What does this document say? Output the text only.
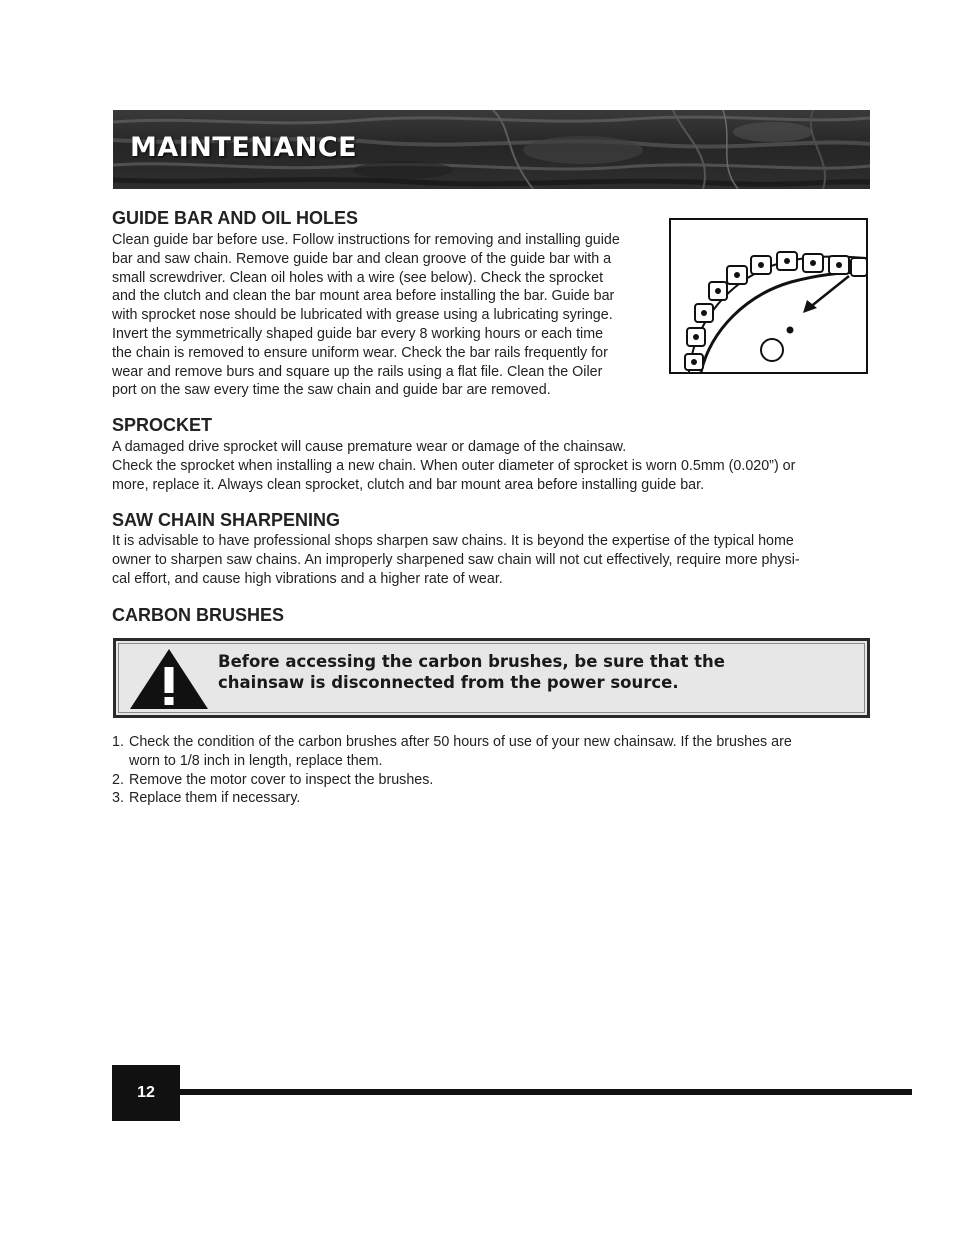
MAINTENANCE
GUIDE BAR AND OIL HOLES
Clean guide bar before use. Follow instructions for removing and installing guide
bar and saw chain. Remove guide bar and clean groove of the guide bar with a
small screwdriver. Clean oil holes with a wire (see below). Check the sprocket
and the clutch and clean the bar mount area before installing the bar. Guide bar
with sprocket nose should be lubricated with grease using a lubricating syringe.
Invert the symmetrically shaped guide bar every 8 working hours or each time
the chain is removed to ensure uniform wear. Check the bar rails frequently for
wear and remove burs and square up the rails using a flat file. Clean the Oiler
port on the saw every time the saw chain and guide bar are removed.
SPROCKET
A damaged drive sprocket will cause premature wear or damage of the chainsaw.
Check the sprocket when installing a new chain. When outer diameter of sprocket is worn 0.5mm (0.020”) or
more, replace it. Always clean sprocket, clutch and bar mount area before installing guide bar.
SAW CHAIN SHARPENING
It is advisable to have professional shops sharpen saw chains. It is beyond the expertise of the typical home
owner to sharpen saw chains. An improperly sharpened saw chain will not cut effectively, require more physi-
cal effort, and cause high vibrations and a higher rate of wear.
CARBON BRUSHES
Before accessing the carbon brushes, be sure that the
chainsaw is disconnected from the power source.
1. Check the condition of the carbon brushes after 50 hours of use of your new chainsaw. If the brushes are
worn to 1/8 inch in length, replace them.
2. Remove the motor cover to inspect the brushes.
3. Replace them if necessary.
12
